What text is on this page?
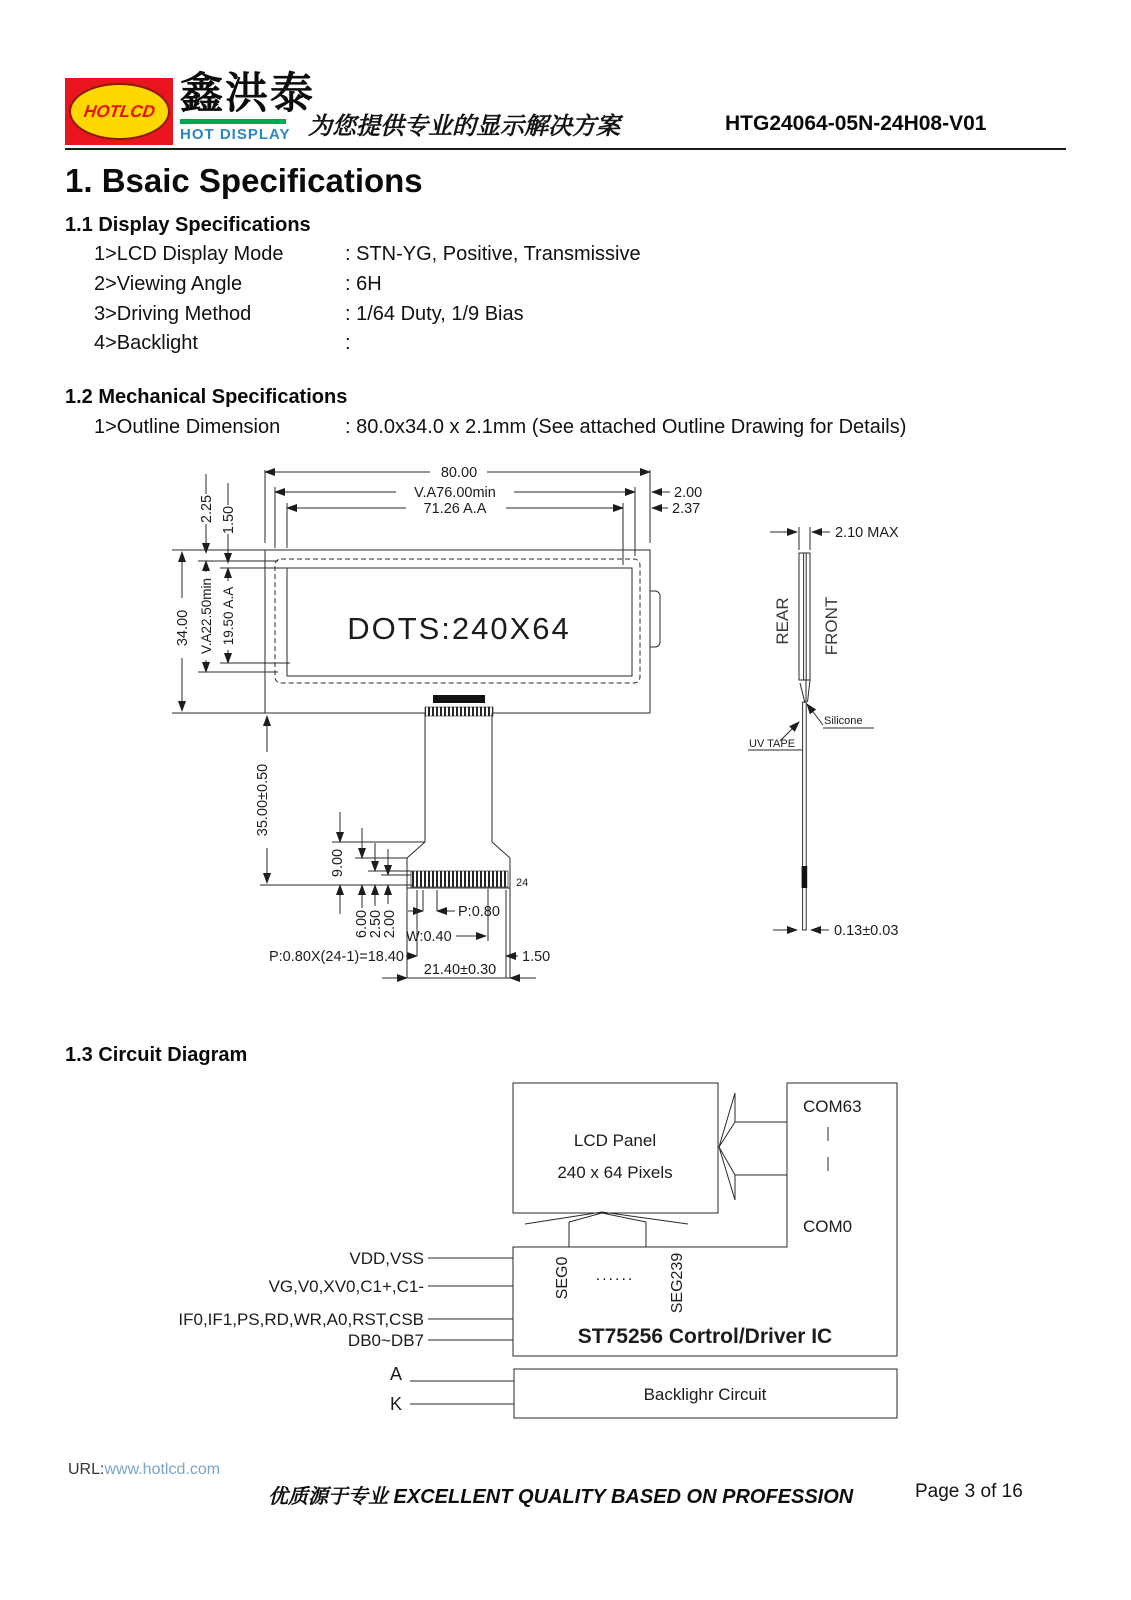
HOTLCD 鑫洪泰
HOT DISPLAY 为您提供专业的显示解决方案	HTG24064-05N-24H08-V01
1. Bsaic Specifications
1.1 Display Specifications
1>LCD Display Mode	: STN-YG, Positive, Transmissive
2>Viewing Angle	: 6H
3>Driving Method	: 1/64 Duty, 1/9 Bias
4>Backlight	:
1.2 Mechanical Specifications
1>Outline Dimension	: 80.0x34.0 x 2.1mm (See attached Outline Drawing for Details)
DOTS:240X64
24
80.00
V.A76.00min
71.26 A.A
2.00
2.37
2.25 1.50
34.00 V.A22.50min 19.50 A.A
35.00±0.50
9.00
6.00
2.50
2.00	P:0.80
W:0.40
P:0.80X(24-1)=18.40	1.50
21.40±0.30
2.10 MAX
REAR FRONT
Silicone
UV TAPE
0.13±0.03
1.3 Circuit Diagram
LCD Panel
240 x 64 Pixels
COM63
COM0
SEG0 ...... SEG239
ST75256 Cortrol/Driver IC
Backlighr Circuit
VDD,VSS
VG,V0,XV0,C1+,C1-
IF0,IF1,PS,RD,WR,A0,RST,CSB
DB0~DB7
A
K
URL:www.hotlcd.com
优质源于专业 EXCELLENT QUALITY BASED ON PROFESSION	Page 3 of 16
